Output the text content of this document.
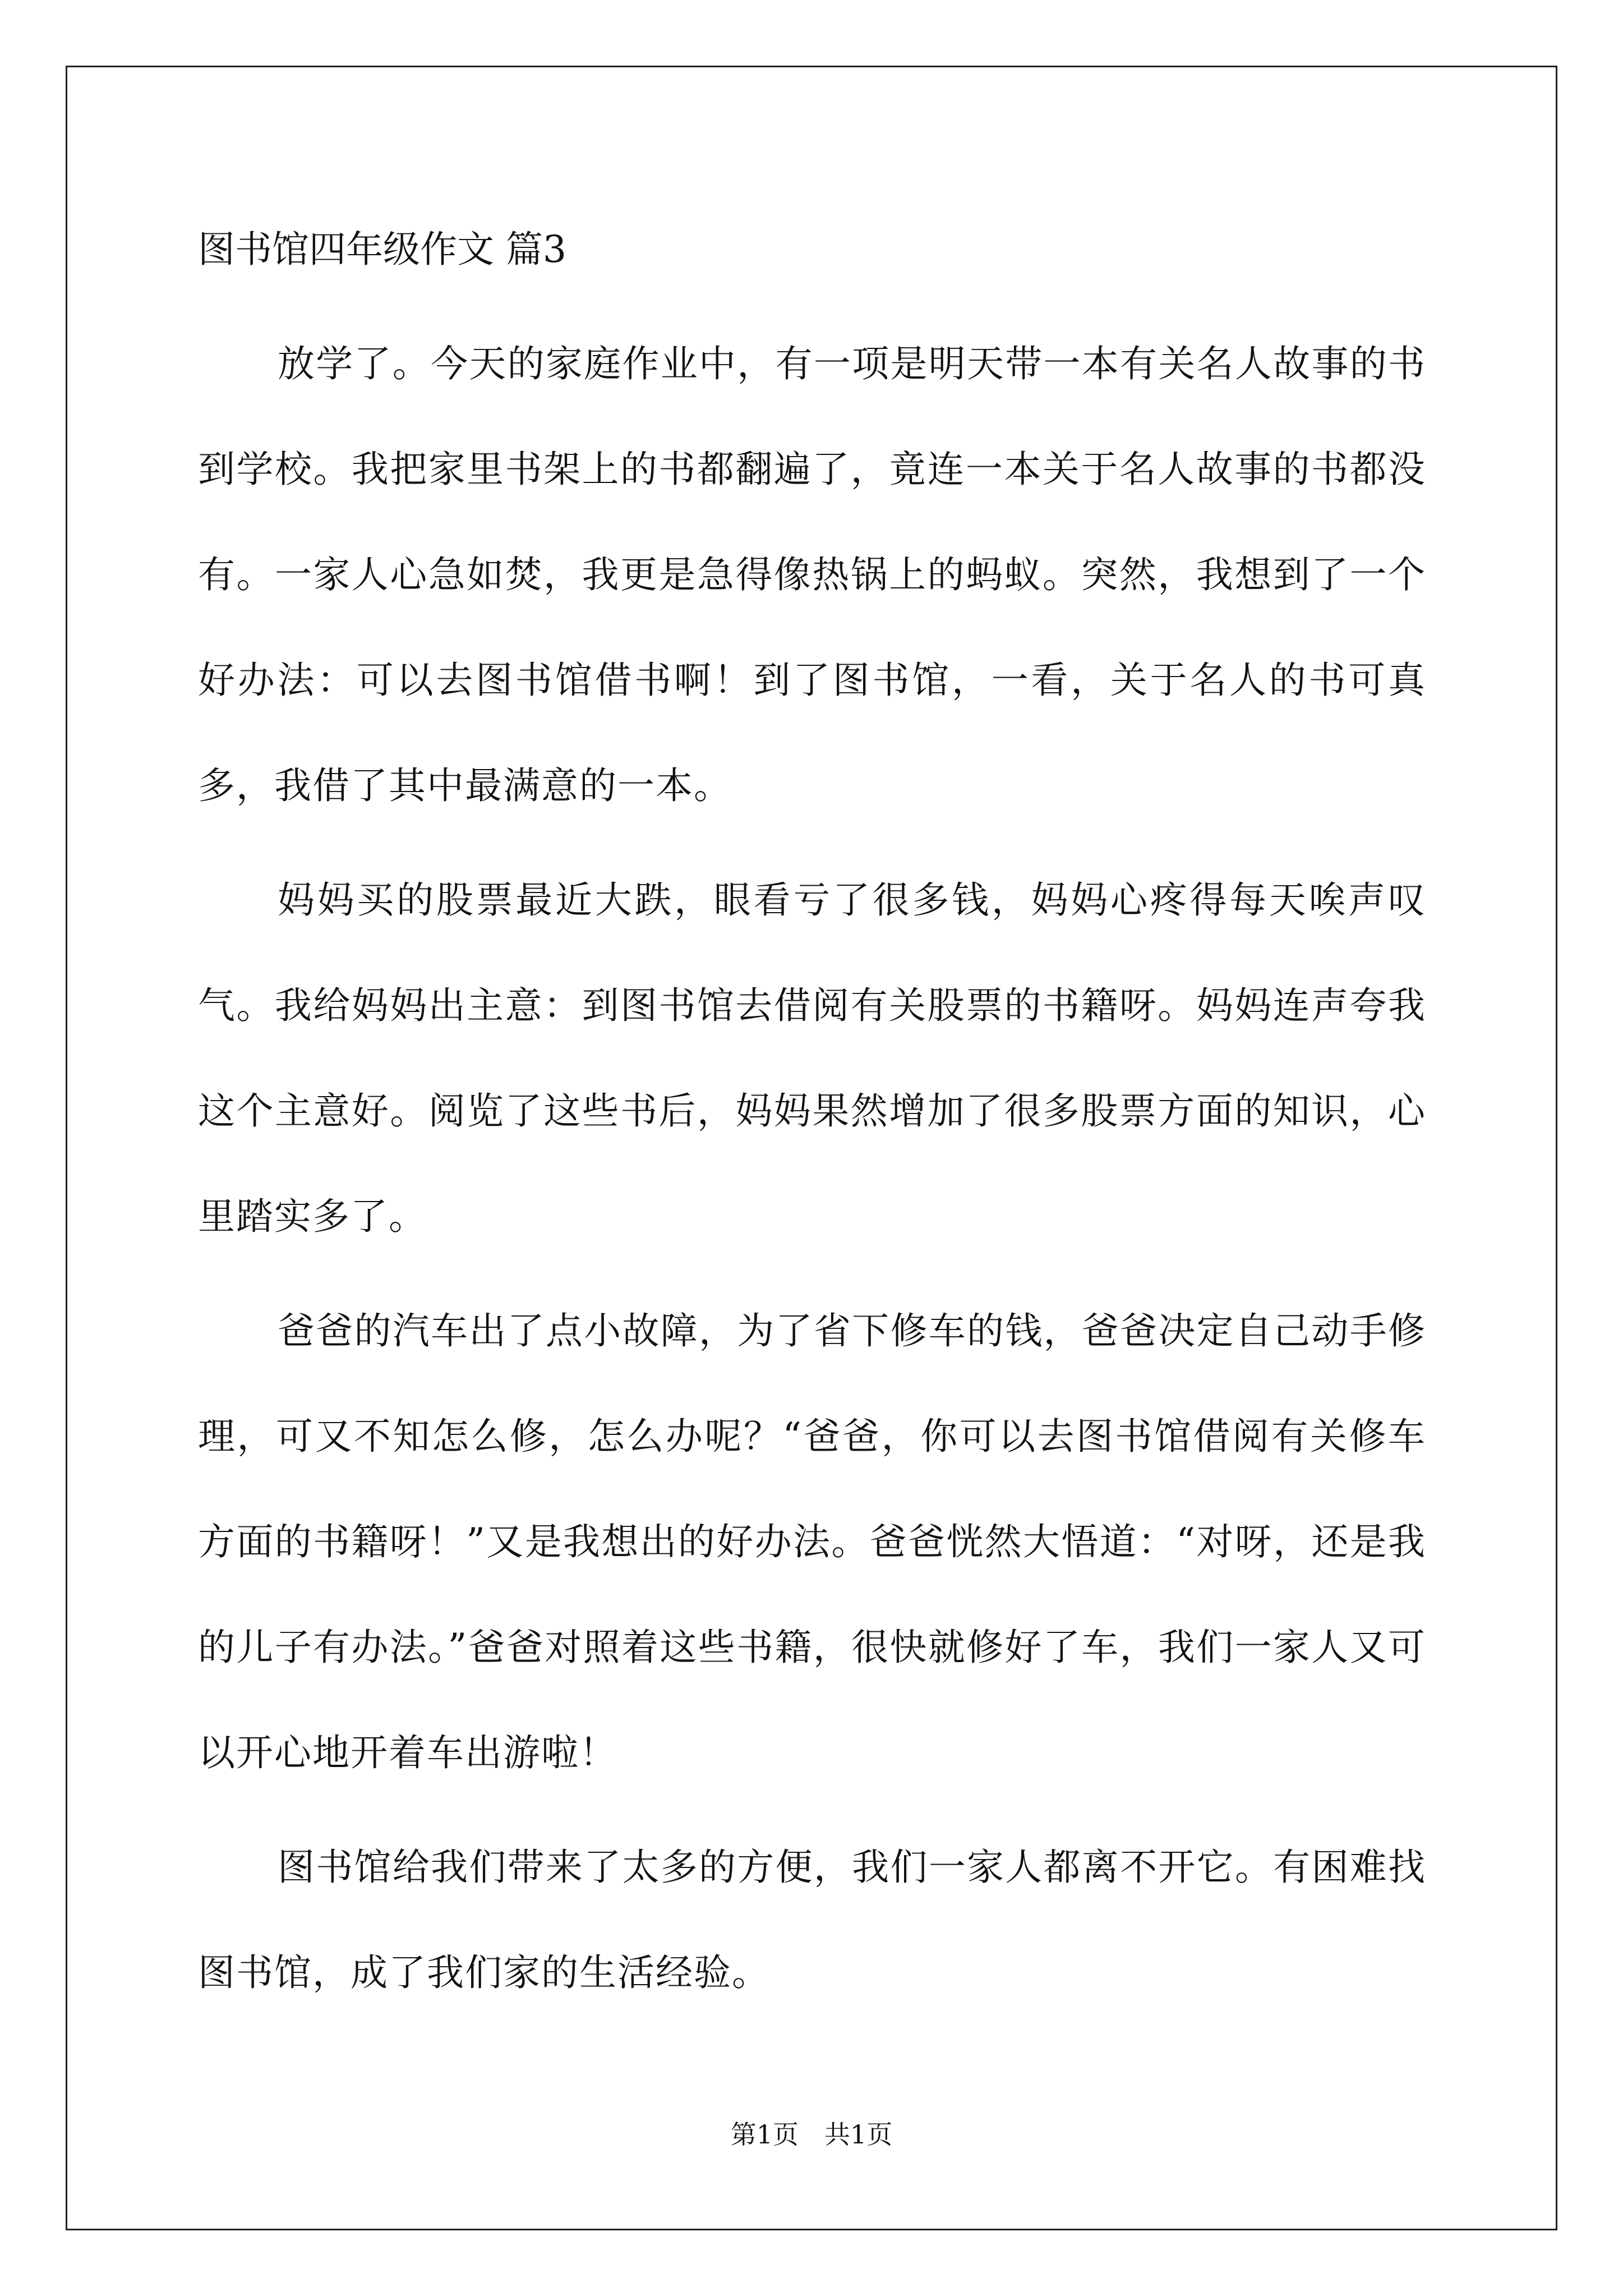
图书馆四年级作文 篇3

放学了。今天的家庭作业中，有一项是明天带一本有关名人故事的书到学校。我把家里书架上的书都翻遍了，竟连一本关于名人故事的书都没有。一家人心急如焚，我更是急得像热锅上的蚂蚁。突然，我想到了一个好办法：可以去图书馆借书啊！到了图书馆，一看，关于名人的书可真多，我借了其中最满意的一本。

妈妈买的股票最近大跌，眼看亏了很多钱，妈妈心疼得每天唉声叹气。我给妈妈出主意：到图书馆去借阅有关股票的书籍呀。妈妈连声夸我这个主意好。阅览了这些书后，妈妈果然增加了很多股票方面的知识，心里踏实多了。

爸爸的汽车出了点小故障，为了省下修车的钱，爸爸决定自己动手修理，可又不知怎么修，怎么办呢？“爸爸，你可以去图书馆借阅有关修车方面的书籍呀！”又是我想出的好办法。爸爸恍然大悟道：“对呀，还是我的儿子有办法。”爸爸对照着这些书籍，很快就修好了车，我们一家人又可以开心地开着车出游啦！

图书馆给我们带来了太多的方便，我们一家人都离不开它。有困难找图书馆，成了我们家的生活经验。

第1页 共1页
